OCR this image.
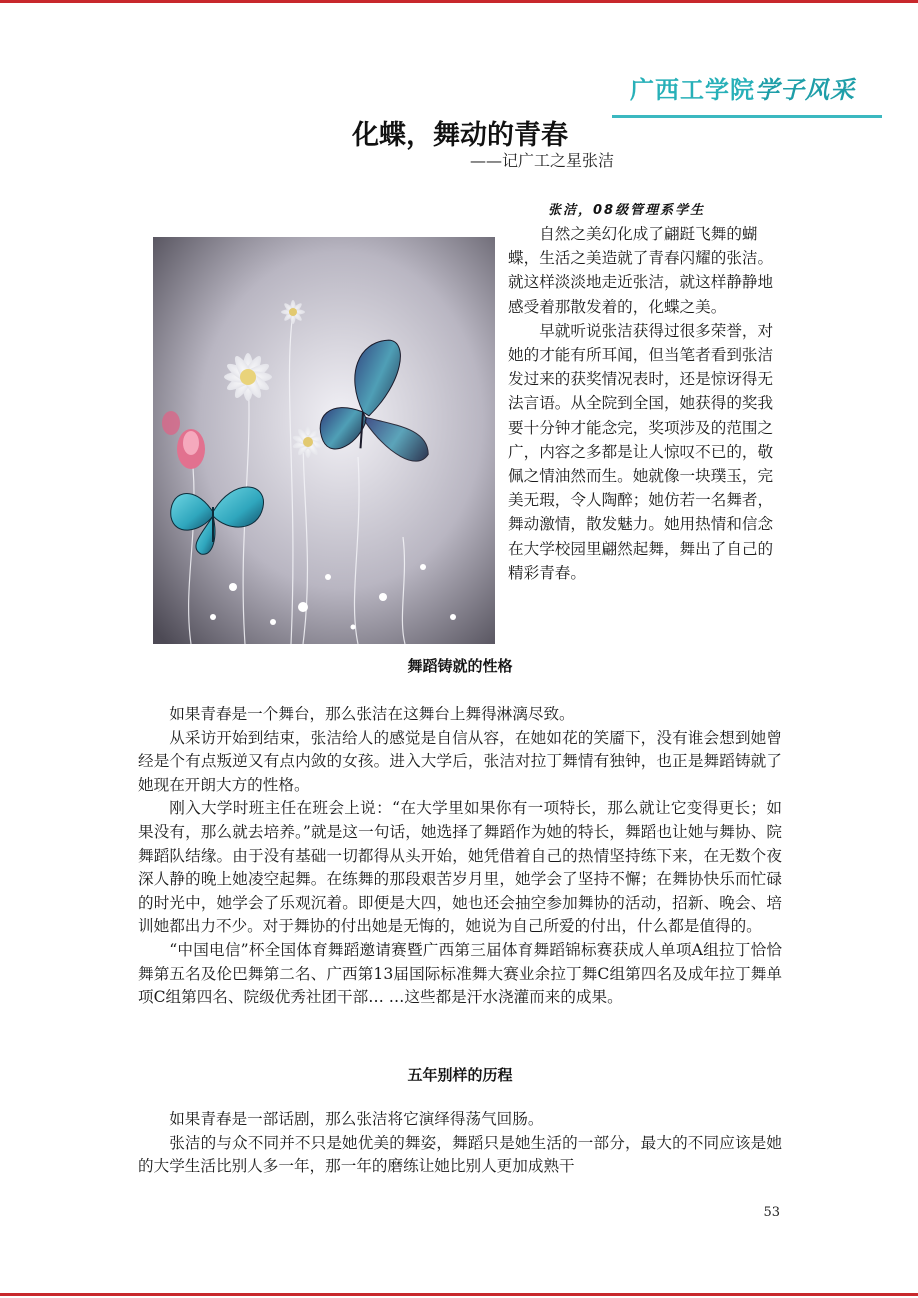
广西工学院学子风采
化蝶，舞动的青春
——记广工之星张洁
张洁，08级管理系学生

自然之美幻化成了翩跹飞舞的蝴蝶，生活之美造就了青春闪耀的张洁。就这样淡淡地走近张洁，就这样静静地感受着那散发着的，化蝶之美。

早就听说张洁获得过很多荣誉，对她的才能有所耳闻，但当笔者看到张洁发过来的获奖情况表时，还是惊讶得无法言语。从全院到全国，她获得的奖我要十分钟才能念完，奖项涉及的范围之广，内容之多都是让人惊叹不已的，敬佩之情油然而生。她就像一块璞玉，完美无瑕，令人陶醉；她仿若一名舞者，舞动激情，散发魅力。她用热情和信念在大学校园里翩然起舞，舞出了自己的精彩青春。

舞蹈铸就的性格

如果青春是一个舞台，那么张洁在这舞台上舞得淋漓尽致。

从采访开始到结束，张洁给人的感觉是自信从容，在她如花的笑靥下，没有谁会想到她曾经是个有点叛逆又有点内敛的女孩。进入大学后，张洁对拉丁舞情有独钟，也正是舞蹈铸就了她现在开朗大方的性格。

刚入大学时班主任在班会上说：“在大学里如果你有一项特长，那么就让它变得更长；如果没有，那么就去培养。”就是这一句话，她选择了舞蹈作为她的特长，舞蹈也让她与舞协、院舞蹈队结缘。由于没有基础一切都得从头开始，她凭借着自己的热情坚持练下来，在无数个夜深人静的晚上她凌空起舞。在练舞的那段艰苦岁月里，她学会了坚持不懈；在舞协快乐而忙碌的时光中，她学会了乐观沉着。即便是大四，她也还会抽空参加舞协的活动，招新、晚会、培训她都出力不少。对于舞协的付出她是无悔的，她说为自己所爱的付出，什么都是值得的。

“中国电信”杯全国体育舞蹈邀请赛暨广西第三届体育舞蹈锦标赛获成人单项A组拉丁恰恰舞第五名及伦巴舞第二名、广西第13届国际标准舞大赛业余拉丁舞C组第四名及成年拉丁舞单项C组第四名、院级优秀社团干部… …这些都是汗水浇灌而来的成果。

五年别样的历程

如果青春是一部话剧，那么张洁将它演绎得荡气回肠。

张洁的与众不同并不只是她优美的舞姿，舞蹈只是她生活的一部分，最大的不同应该是她的大学生活比别人多一年，那一年的磨练让她比别人更加成熟干

53
